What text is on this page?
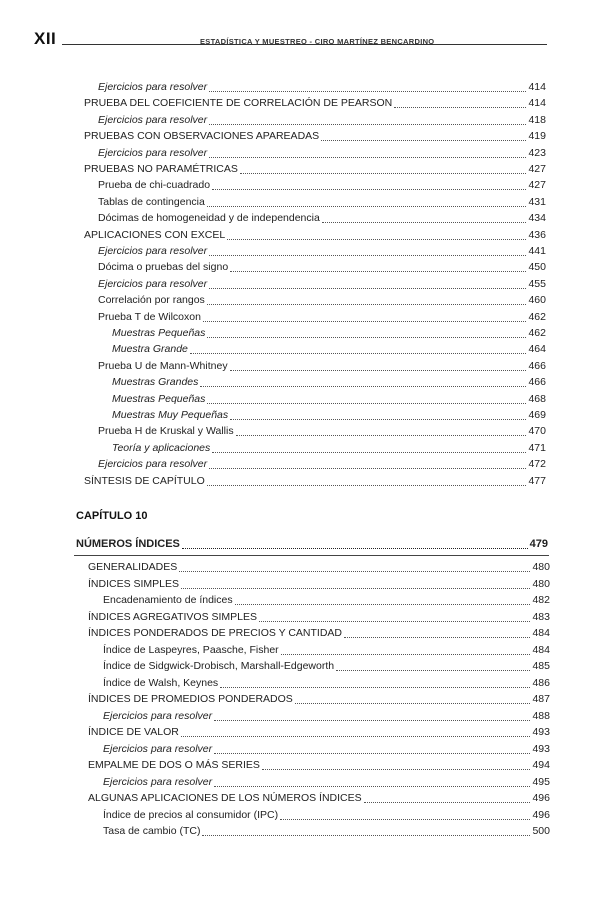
XII	ESTADÍSTICA Y MUESTREO - CIRO MARTÍNEZ BENCARDINO
Ejercicios para resolver	414
PRUEBA DEL COEFICIENTE DE CORRELACIÓN DE PEARSON	414
Ejercicios para resolver	418
PRUEBAS CON OBSERVACIONES APAREADAS	419
Ejercicios para resolver	423
PRUEBAS NO PARAMÉTRICAS	427
Prueba de chi-cuadrado	427
Tablas de contingencia	431
Dócimas de homogeneidad y de independencia	434
APLICACIONES CON EXCEL	436
Ejercicios para resolver	441
Dócima o pruebas del signo	450
Ejercicios para resolver	455
Correlación por rangos	460
Prueba T de Wilcoxon	462
Muestras Pequeñas	462
Muestra Grande	464
Prueba U de Mann-Whitney	466
Muestras Grandes	466
Muestras Pequeñas	468
Muestras Muy Pequeñas	469
Prueba H de Kruskal y Wallis	470
Teoría y aplicaciones	471
Ejercicios para resolver	472
SÍNTESIS DE CAPÍTULO	477
CAPÍTULO 10
NÚMEROS ÍNDICES	479
GENERALIDADES	480
ÍNDICES SIMPLES	480
Encadenamiento de índices	482
ÍNDICES AGREGATIVOS SIMPLES	483
ÍNDICES PONDERADOS DE PRECIOS Y CANTIDAD	484
Índice de Laspeyres, Paasche, Fisher	484
Índice de Sidgwick-Drobisch, Marshall-Edgeworth	485
Índice de Walsh, Keynes	486
ÍNDICES DE PROMEDIOS PONDERADOS	487
Ejercicios para resolver	488
ÍNDICE DE VALOR	493
Ejercicios para resolver	493
EMPALME DE DOS O MÁS SERIES	494
Ejercicios para resolver	495
ALGUNAS APLICACIONES DE LOS NÚMEROS ÍNDICES	496
Índice de precios al consumidor (IPC)	496
Tasa de cambio (TC)	500
